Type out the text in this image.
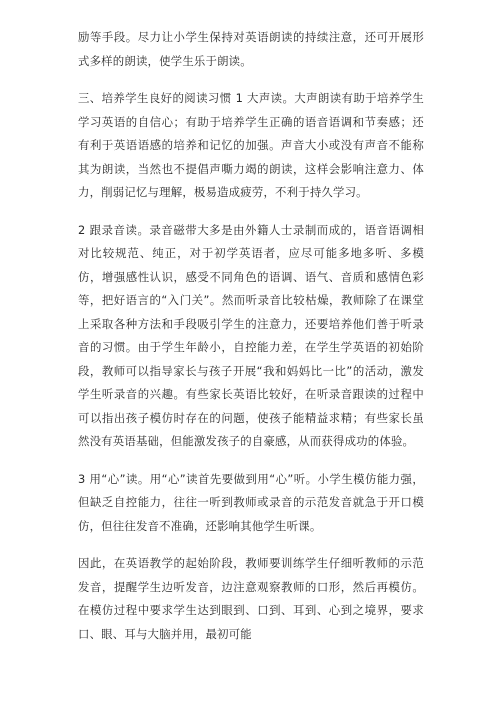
励等手段。尽力让小学生保持对英语朗读的持续注意，还可开展形式多样的朗读，使学生乐于朗读。

三、培养学生良好的阅读习惯 1 大声读。大声朗读有助于培养学生学习英语的自信心；有助于培养学生正确的语音语调和节奏感；还有利于英语语感的培养和记忆的加强。声音大小或没有声音不能称其为朗读，当然也不提倡声嘶力竭的朗读，这样会影响注意力、体力，削弱记忆与理解，极易造成疲劳，不利于持久学习。

2 跟录音读。录音磁带大多是由外籍人士录制而成的，语音语调相对比较规范、纯正，对于初学英语者，应尽可能多地多听、多模仿，增强感性认识，感受不同角色的语调、语气、音质和感情色彩等，把好语言的“入门关”。然而听录音比较枯燥，教师除了在课堂上采取各种方法和手段吸引学生的注意力，还要培养他们善于听录音的习惯。由于学生年龄小，自控能力差，在学生学英语的初始阶段，教师可以指导家长与孩子开展“我和妈妈比一比”的活动，激发学生听录音的兴趣。有些家长英语比较好，在听录音跟读的过程中可以指出孩子模仿时存在的问题，使孩子能精益求精；有些家长虽然没有英语基础，但能激发孩子的自豪感，从而获得成功的体验。

3 用“心”读。用“心”读首先要做到用“心”听。小学生模仿能力强，但缺乏自控能力，往往一听到教师或录音的示范发音就急于开口模仿，但往往发音不准确，还影响其他学生听课。

因此，在英语教学的起始阶段，教师要训练学生仔细听教师的示范发音，提醒学生边听发音，边注意观察教师的口形，然后再模仿。在模仿过程中要求学生达到眼到、口到、耳到、心到之境界，要求口、眼、耳与大脑并用，最初可能
